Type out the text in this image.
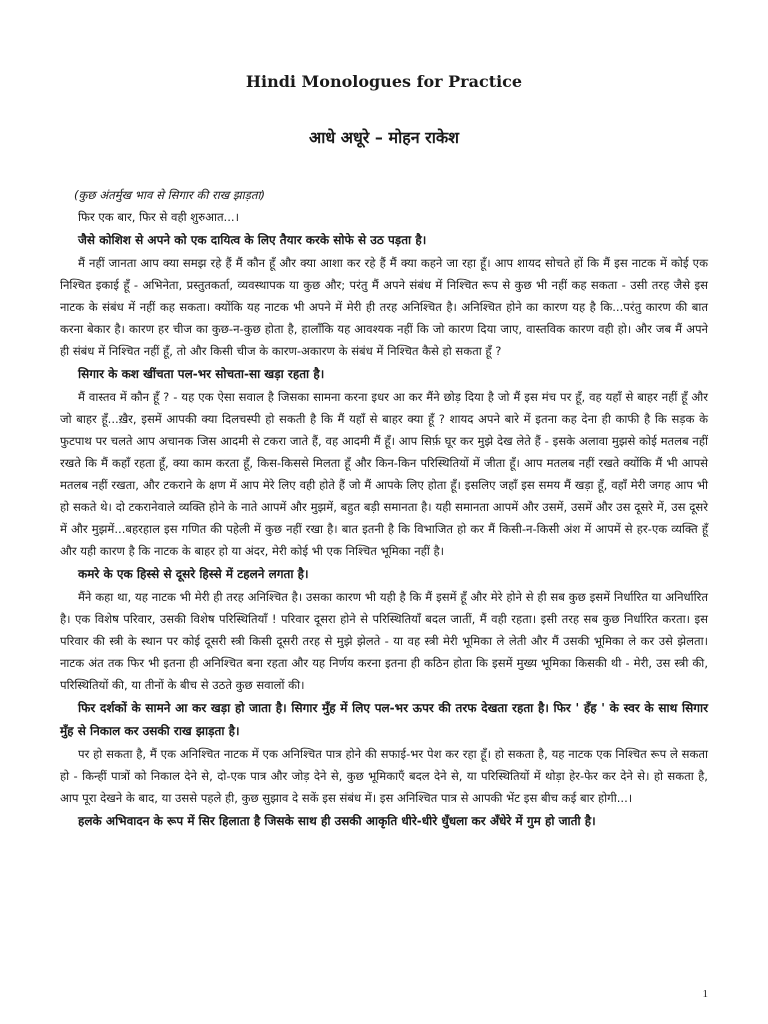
Hindi Monologues for Practice
आधे अधूरे – मोहन राकेश

(कुछ अंतर्मुख भाव से सिगार की राख झाड़ता)

फिर एक बार, फिर से वही शुरुआत...।

जैसे कोशिश से अपने को एक दायित्व के लिए तैयार करके सोफे से उठ पड़ता है।

मैं नहीं जानता आप क्या समझ रहे हैं मैं कौन हूँ और क्या आशा कर रहे हैं मैं क्या कहने जा रहा हूँ। आप शायद सोचते हों कि मैं इस नाटक में कोई एक निश्चित इकाई हूँ - अभिनेता, प्रस्तुतकर्ता, व्यवस्थापक या कुछ और; परंतु मैं अपने संबंध में निश्चित रूप से कुछ भी नहीं कह सकता - उसी तरह जैसे इस नाटक के संबंध में नहीं कह सकता। क्योंकि यह नाटक भी अपने में मेरी ही तरह अनिश्चित है। अनिश्चित होने का कारण यह है कि...परंतु कारण की बात करना बेकार है। कारण हर चीज का कुछ-न-कुछ होता है, हालाँकि यह आवश्यक नहीं कि जो कारण दिया जाए, वास्तविक कारण वही हो। और जब मैं अपने ही संबंध में निश्चित नहीं हूँ, तो और किसी चीज के कारण-अकारण के संबंध में निश्चित कैसे हो सकता हूँ ?

सिगार के कश खींचता पल-भर सोचता-सा खड़ा रहता है।

मैं वास्तव में कौन हूँ ? - यह एक ऐसा सवाल है जिसका सामना करना इधर आ कर मैंने छोड़ दिया है जो मैं इस मंच पर हूँ, वह यहाँ से बाहर नहीं हूँ और जो बाहर हूँ...ख़ैर, इसमें आपकी क्या दिलचस्पी हो सकती है कि मैं यहाँ से बाहर क्या हूँ ? शायद अपने बारे में इतना कह देना ही काफी है कि सड़क के फुटपाथ पर चलते आप अचानक जिस आदमी से टकरा जाते हैं, वह आदमी मैं हूँ। आप सिर्फ़ घूर कर मुझे देख लेते हैं - इसके अलावा मुझसे कोई मतलब नहीं रखते कि मैं कहाँ रहता हूँ, क्या काम करता हूँ, किस-किससे मिलता हूँ और किन-किन परिस्थितियों में जीता हूँ। आप मतलब नहीं रखते क्योंकि मैं भी आपसे मतलब नहीं रखता, और टकराने के क्षण में आप मेरे लिए वही होते हैं जो मैं आपके लिए होता हूँ। इसलिए जहाँ इस समय मैं खड़ा हूँ, वहाँ मेरी जगह आप भी हो सकते थे। दो टकरानेवाले व्यक्ति होने के नाते आपमें और मुझमें, बहुत बड़ी समानता है। यही समानता आपमें और उसमें, उसमें और उस दूसरे में, उस दूसरे में और मुझमें...बहरहाल इस गणित की पहेली में कुछ नहीं रखा है। बात इतनी है कि विभाजित हो कर मैं किसी-न-किसी अंश में आपमें से हर-एक व्यक्ति हूँ और यही कारण है कि नाटक के बाहर हो या अंदर, मेरी कोई भी एक निश्चित भूमिका नहीं है।

कमरे के एक हिस्से से दूसरे हिस्से में टहलने लगता है।

मैंने कहा था, यह नाटक भी मेरी ही तरह अनिश्चित है। उसका कारण भी यही है कि मैं इसमें हूँ और मेरे होने से ही सब कुछ इसमें निर्धारित या अनिर्धारित है। एक विशेष परिवार, उसकी विशेष परिस्थितियाँ ! परिवार दूसरा होने से परिस्थितियाँ बदल जातीं, मैं वही रहता। इसी तरह सब कुछ निर्धारित करता। इस परिवार की स्त्री के स्थान पर कोई दूसरी स्त्री किसी दूसरी तरह से मुझे झेलते - या वह स्त्री मेरी भूमिका ले लेती और मैं उसकी भूमिका ले कर उसे झेलता। नाटक अंत तक फिर भी इतना ही अनिश्चित बना रहता और यह निर्णय करना इतना ही कठिन होता कि इसमें मुख्य भूमिका किसकी थी - मेरी, उस स्त्री की, परिस्थितियों की, या तीनों के बीच से उठते कुछ सवालों की।

फिर दर्शकों के सामने आ कर खड़ा हो जाता है। सिगार मुँह में लिए पल-भर ऊपर की तरफ देखता रहता है। फिर ' हँह ' के स्वर के साथ सिगार मुँह से निकाल कर उसकी राख झाड़ता है।

पर हो सकता है, मैं एक अनिश्चित नाटक में एक अनिश्चित पात्र होने की सफाई-भर पेश कर रहा हूँ। हो सकता है, यह नाटक एक निश्चित रूप ले सकता हो - किन्हीं पात्रों को निकाल देने से, दो-एक पात्र और जोड़ देने से, कुछ भूमिकाएँ बदल देने से, या परिस्थितियों में थोड़ा हेर-फेर कर देने से। हो सकता है, आप पूरा देखने के बाद, या उससे पहले ही, कुछ सुझाव दे सकें इस संबंध में। इस अनिश्चित पात्र से आपकी भेंट इस बीच कई बार होगी...।

हलके अभिवादन के रूप में सिर हिलाता है जिसके साथ ही उसकी आकृति धीरे-धीरे धुँधला कर अँधेरे में गुम हो जाती है।

1
